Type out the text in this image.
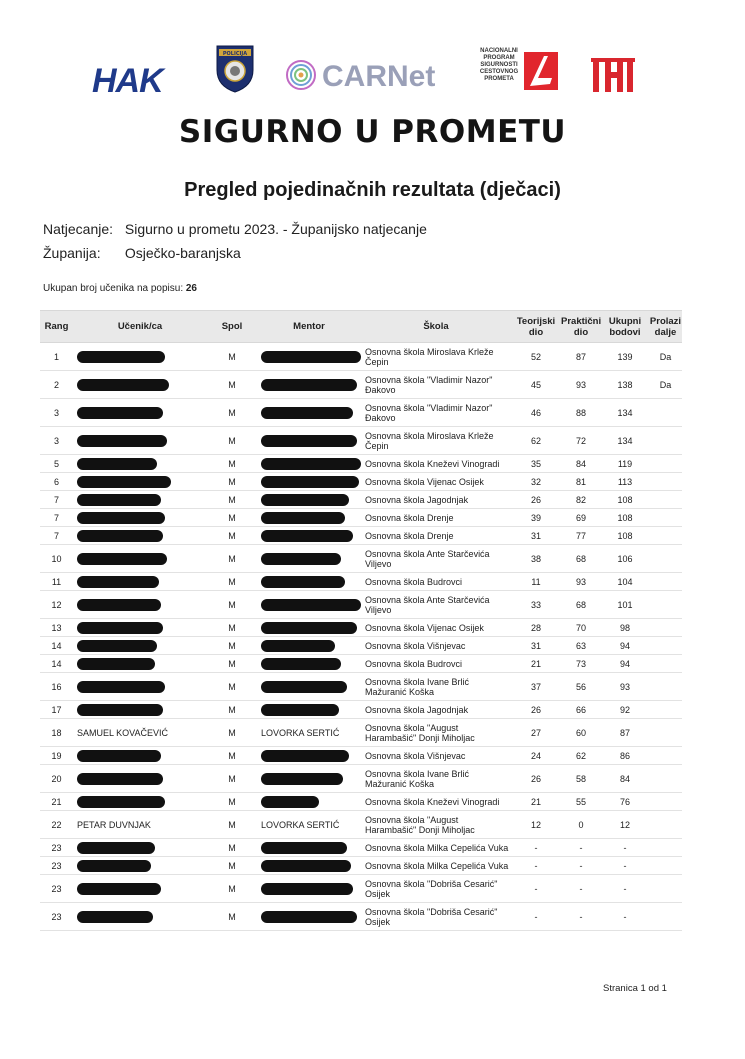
HAK
POLICIJA
CARNet
NACIONALNI
PROGRAM
SIGURNOSTI
CESTOVNOG
PROMETA
SIGURNO U PROMETU
Pregled pojedinačnih rezultata (dječaci)
Natjecanje: Sigurno u prometu 2023. - Županijsko natjecanje
Županija: Osječko-baranjska
Ukupan broj učenika na popisu: 26
Rang	Učenik/ca	Spol	Mentor	Škola	Teorijski dio	Praktični dio	Ukupni bodovi	Prolazi dalje
1		M		Osnovna škola Miroslava Krleže Čepin	52	87	139	Da
2		M		Osnovna škola "Vladimir Nazor" Đakovo	45	93	138	Da
3		M		Osnovna škola "Vladimir Nazor" Đakovo	46	88	134	
3		M		Osnovna škola Miroslava Krleže Čepin	62	72	134	
5		M		Osnovna škola Kneževi Vinogradi	35	84	119	
6		M		Osnovna škola Vijenac Osijek	32	81	113	
7		M		Osnovna škola Jagodnjak	26	82	108	
7		M		Osnovna škola Drenje	39	69	108	
7		M		Osnovna škola Drenje	31	77	108	
10		M		Osnovna škola Ante Starčevića Viljevo	38	68	106	
11		M		Osnovna škola Budrovci	11	93	104	
12		M		Osnovna škola Ante Starčevića Viljevo	33	68	101	
13		M		Osnovna škola Vijenac Osijek	28	70	98	
14		M		Osnovna škola Višnjevac	31	63	94	
14		M		Osnovna škola Budrovci	21	73	94	
16		M		Osnovna škola Ivane Brlić Mažuranić Koška	37	56	93	
17		M		Osnovna škola Jagodnjak	26	66	92	
18	SAMUEL KOVAČEVIĆ	M	LOVORKA SERTIĆ	Osnovna škola "August Harambašić" Donji Miholjac	27	60	87	
19		M		Osnovna škola Višnjevac	24	62	86	
20		M		Osnovna škola Ivane Brlić Mažuranić Koška	26	58	84	
21		M		Osnovna škola Kneževi Vinogradi	21	55	76	
22	PETAR DUVNJAK	M	LOVORKA SERTIĆ	Osnovna škola "August Harambašić" Donji Miholjac	12	0	12	
23		M		Osnovna škola Milka Cepelića Vuka	-	-	-	
23		M		Osnovna škola Milka Cepelića Vuka	-	-	-	
23		M		Osnovna škola "Dobriša Cesarić" Osijek	-	-	-	
23		M		Osnovna škola "Dobriša Cesarić" Osijek	-	-	-	
Stranica 1 od 1
